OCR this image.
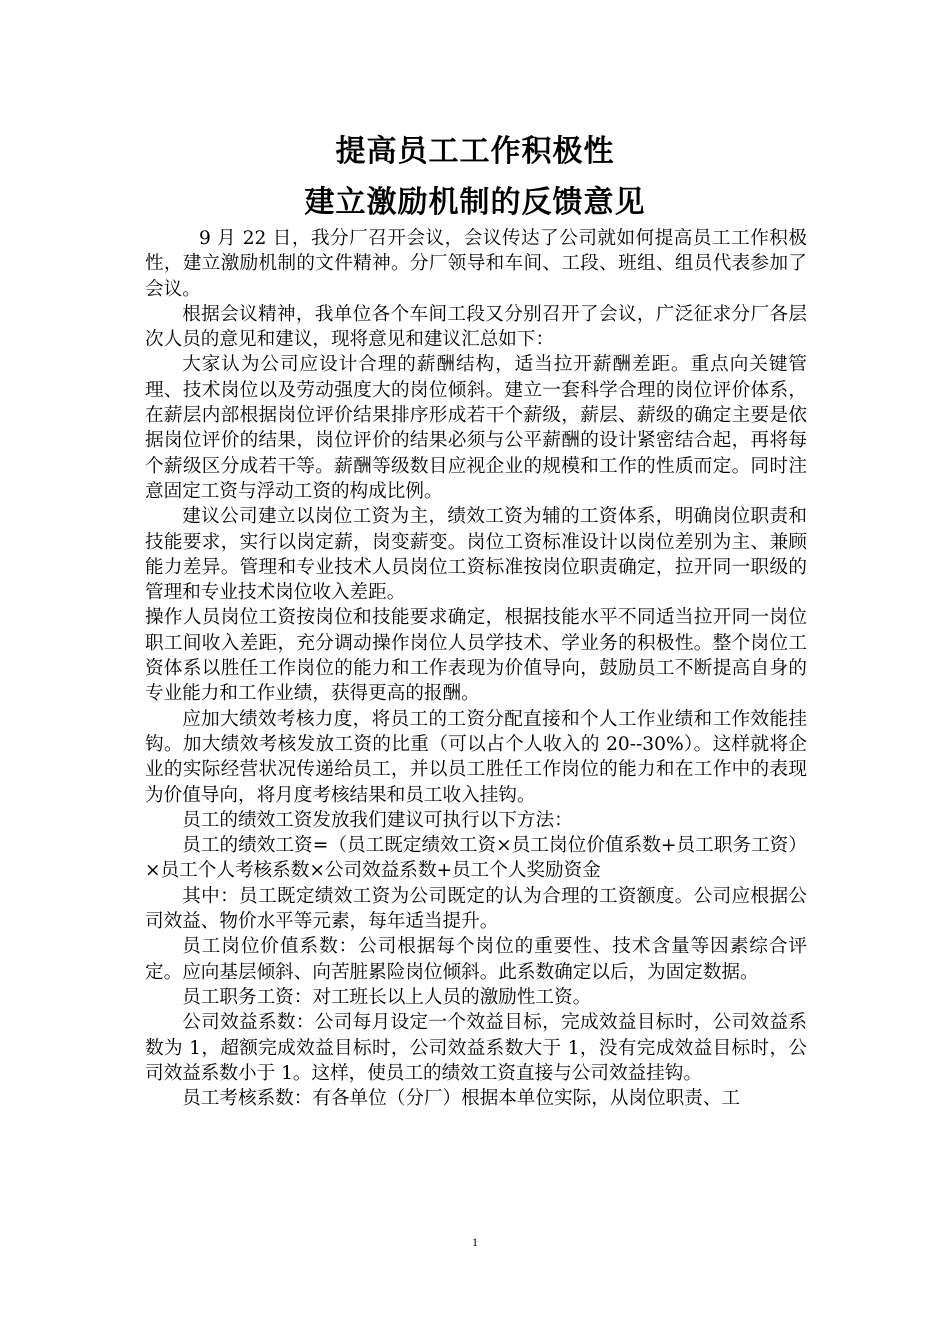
提高员工工作积极性
建立激励机制的反馈意见

9 月 22 日，我分厂召开会议，会议传达了公司就如何提高员工工作积极性，建立激励机制的文件精神。分厂领导和车间、工段、班组、组员代表参加了会议。

根据会议精神，我单位各个车间工段又分别召开了会议，广泛征求分厂各层次人员的意见和建议，现将意见和建议汇总如下：

大家认为公司应设计合理的薪酬结构，适当拉开薪酬差距。重点向关键管理、技术岗位以及劳动强度大的岗位倾斜。建立一套科学合理的岗位评价体系，在薪层内部根据岗位评价结果排序形成若干个薪级，薪层、薪级的确定主要是依据岗位评价的结果，岗位评价的结果必须与公平薪酬的设计紧密结合起，再将每个薪级区分成若干等。薪酬等级数目应视企业的规模和工作的性质而定。同时注意固定工资与浮动工资的构成比例。

建议公司建立以岗位工资为主，绩效工资为辅的工资体系，明确岗位职责和技能要求，实行以岗定薪，岗变薪变。岗位工资标准设计以岗位差别为主、兼顾能力差异。管理和专业技术人员岗位工资标准按岗位职责确定，拉开同一职级的管理和专业技术岗位收入差距。

操作人员岗位工资按岗位和技能要求确定，根据技能水平不同适当拉开同一岗位职工间收入差距，充分调动操作岗位人员学技术、学业务的积极性。整个岗位工资体系以胜任工作岗位的能力和工作表现为价值导向，鼓励员工不断提高自身的专业能力和工作业绩，获得更高的报酬。

应加大绩效考核力度，将员工的工资分配直接和个人工作业绩和工作效能挂钩。加大绩效考核发放工资的比重（可以占个人收入的 20--30%）。这样就将企业的实际经营状况传递给员工，并以员工胜任工作岗位的能力和在工作中的表现为价值导向，将月度考核结果和员工收入挂钩。

员工的绩效工资发放我们建议可执行以下方法：

员工的绩效工资=（员工既定绩效工资×员工岗位价值系数+员工职务工资）×员工个人考核系数×公司效益系数+员工个人奖励资金

其中：员工既定绩效工资为公司既定的认为合理的工资额度。公司应根据公司效益、物价水平等元素，每年适当提升。

员工岗位价值系数：公司根据每个岗位的重要性、技术含量等因素综合评定。应向基层倾斜、向苦脏累险岗位倾斜。此系数确定以后，为固定数据。

员工职务工资：对工班长以上人员的激励性工资。

公司效益系数：公司每月设定一个效益目标，完成效益目标时，公司效益系数为 1，超额完成效益目标时，公司效益系数大于 1，没有完成效益目标时，公司效益系数小于 1。这样，使员工的绩效工资直接与公司效益挂钩。

员工考核系数：有各单位（分厂）根据本单位实际，从岗位职责、工

1
